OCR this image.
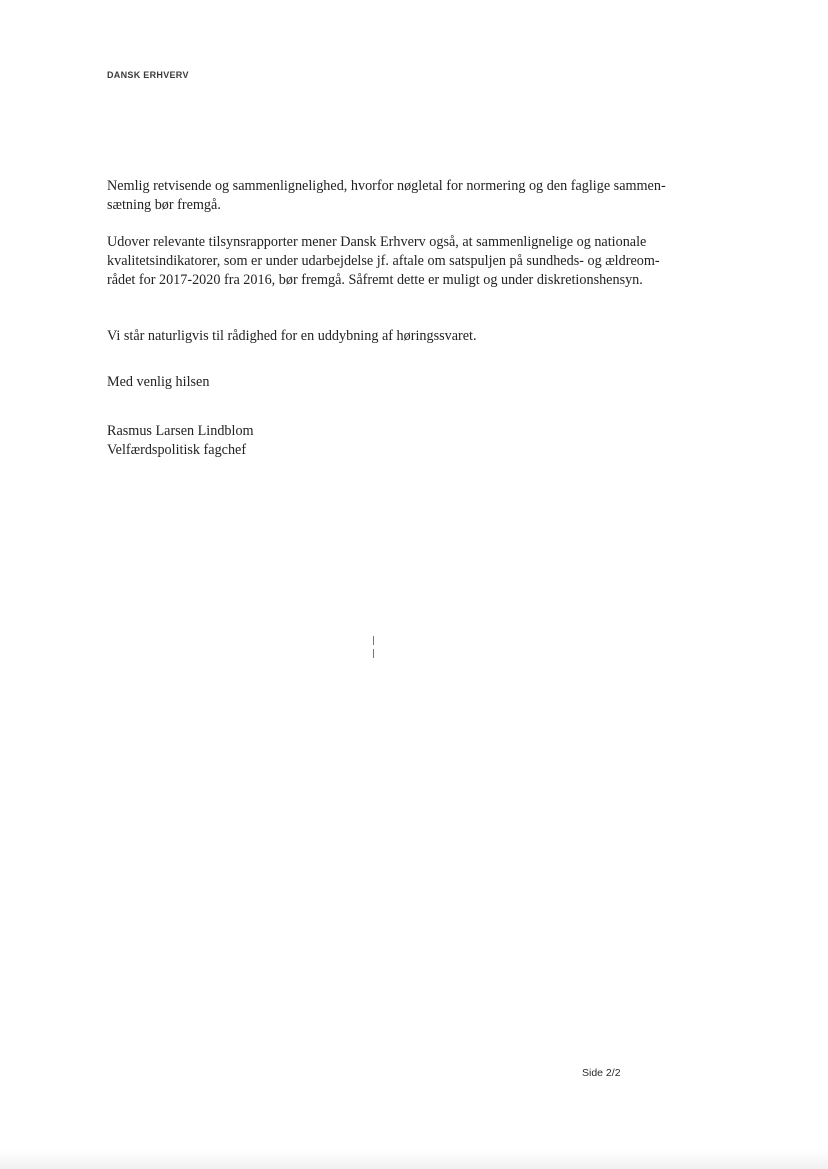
DANSK ERHVERV

Nemlig retvisende og sammenlignelighed, hvorfor nøgletal for normering og den faglige sammen-
sætning bør fremgå.

Udover relevante tilsynsrapporter mener Dansk Erhverv også, at sammenlignelige og nationale
kvalitetsindikatorer, som er under udarbejdelse jf. aftale om satspuljen på sundheds- og ældreom-
rådet for 2017-2020 fra 2016, bør fremgå. Såfremt dette er muligt og under diskretionshensyn.

Vi står naturligvis til rådighed for en uddybning af høringssvaret.

Med venlig hilsen

Rasmus Larsen Lindblom
Velfærdspolitisk fagchef

Side 2/2
